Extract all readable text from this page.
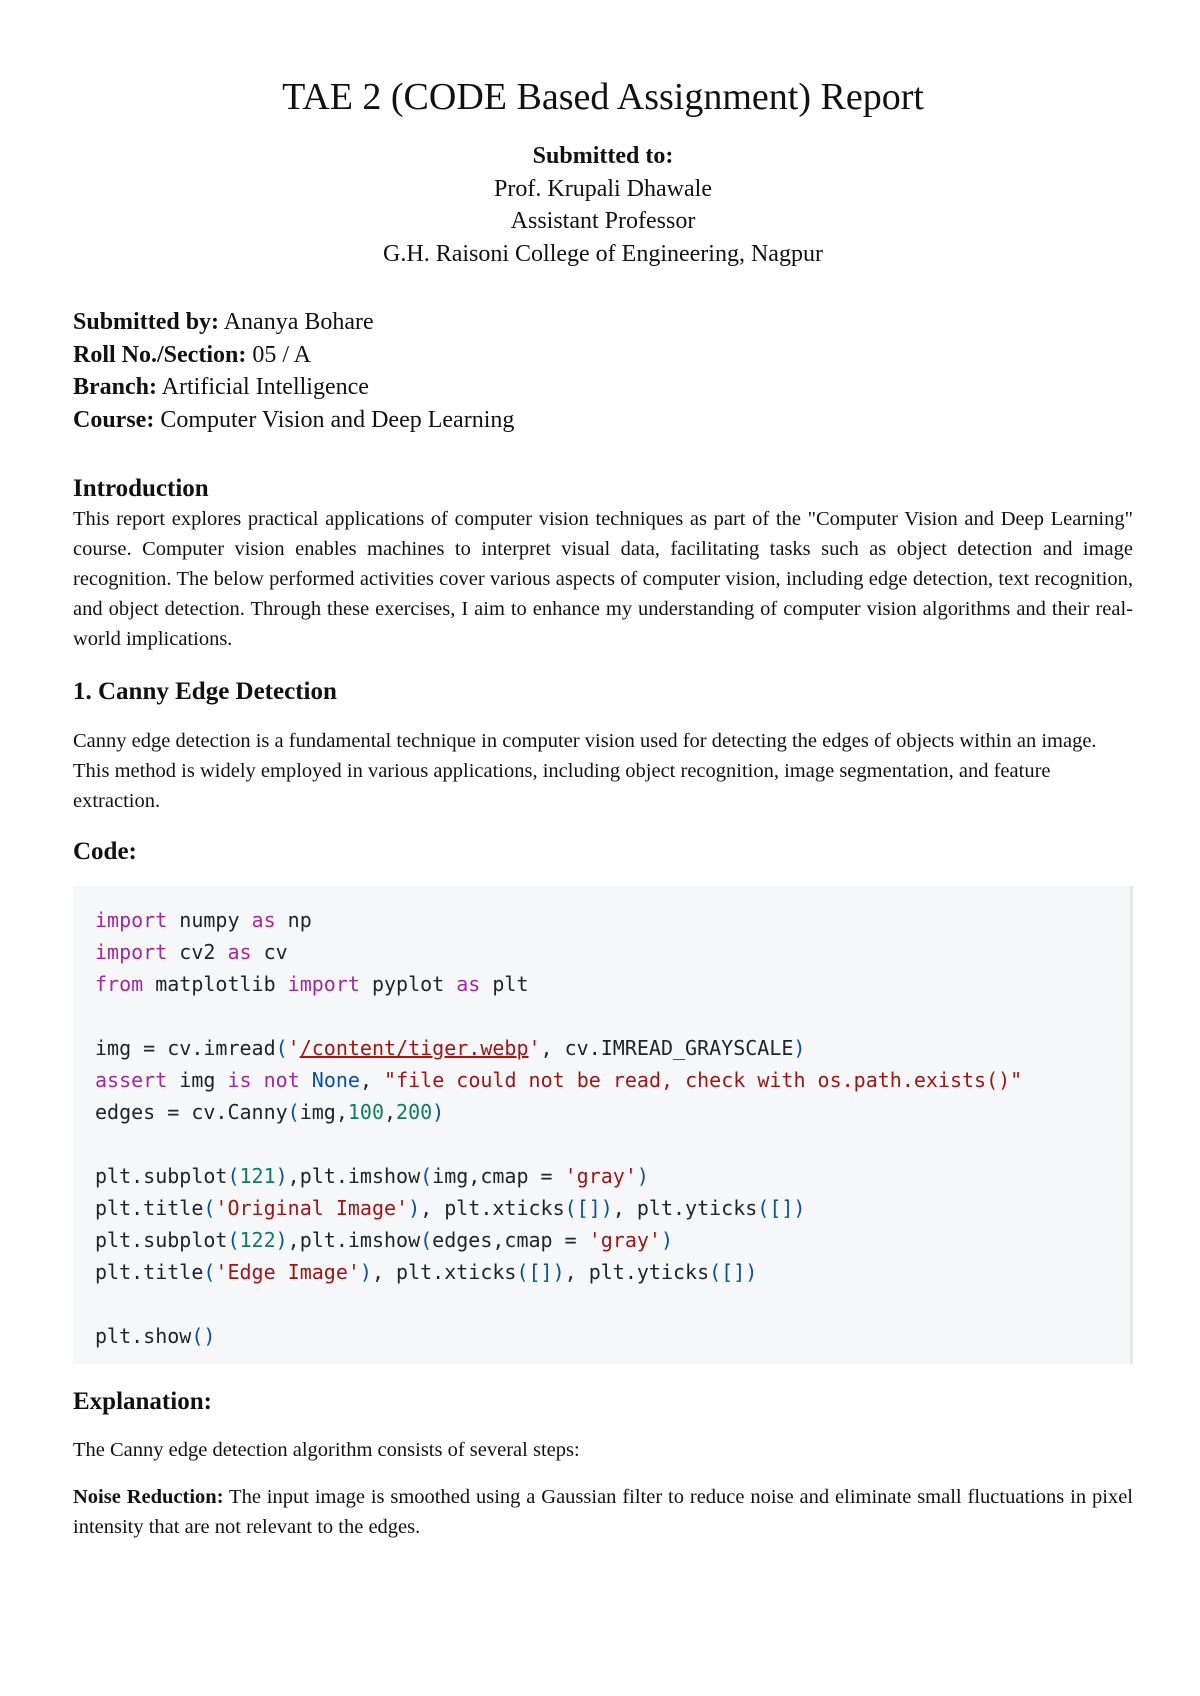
TAE 2 (CODE Based Assignment) Report
Submitted to:
Prof. Krupali Dhawale
Assistant Professor
G.H. Raisoni College of Engineering, Nagpur
Submitted by: Ananya Bohare
Roll No./Section: 05 / A
Branch: Artificial Intelligence
Course: Computer Vision and Deep Learning
Introduction

This report explores practical applications of computer vision techniques as part of the "Computer Vision and Deep Learning" course. Computer vision enables machines to interpret visual data, facilitating tasks such as object detection and image recognition. The below performed activities cover various aspects of computer vision, including edge detection, text recognition, and object detection. Through these exercises, I aim to enhance my understanding of computer vision algorithms and their real-world implications.

1. Canny Edge Detection

Canny edge detection is a fundamental technique in computer vision used for detecting the edges of objects within an image. This method is widely employed in various applications, including object recognition, image segmentation, and feature extraction.

Code:
import numpy as np
import cv2 as cv
from matplotlib import pyplot as plt
img = cv.imread('/content/tiger.webp', cv.IMREAD_GRAYSCALE)
assert img is not None, "file could not be read, check with os.path.exists()"
edges = cv.Canny(img,100,200)
plt.subplot(121),plt.imshow(img,cmap = 'gray')
plt.title('Original Image'), plt.xticks([]), plt.yticks([])
plt.subplot(122),plt.imshow(edges,cmap = 'gray')
plt.title('Edge Image'), plt.xticks([]), plt.yticks([])
plt.show()
Explanation:

The Canny edge detection algorithm consists of several steps:

Noise Reduction: The input image is smoothed using a Gaussian filter to reduce noise and eliminate small fluctuations in pixel intensity that are not relevant to the edges.
